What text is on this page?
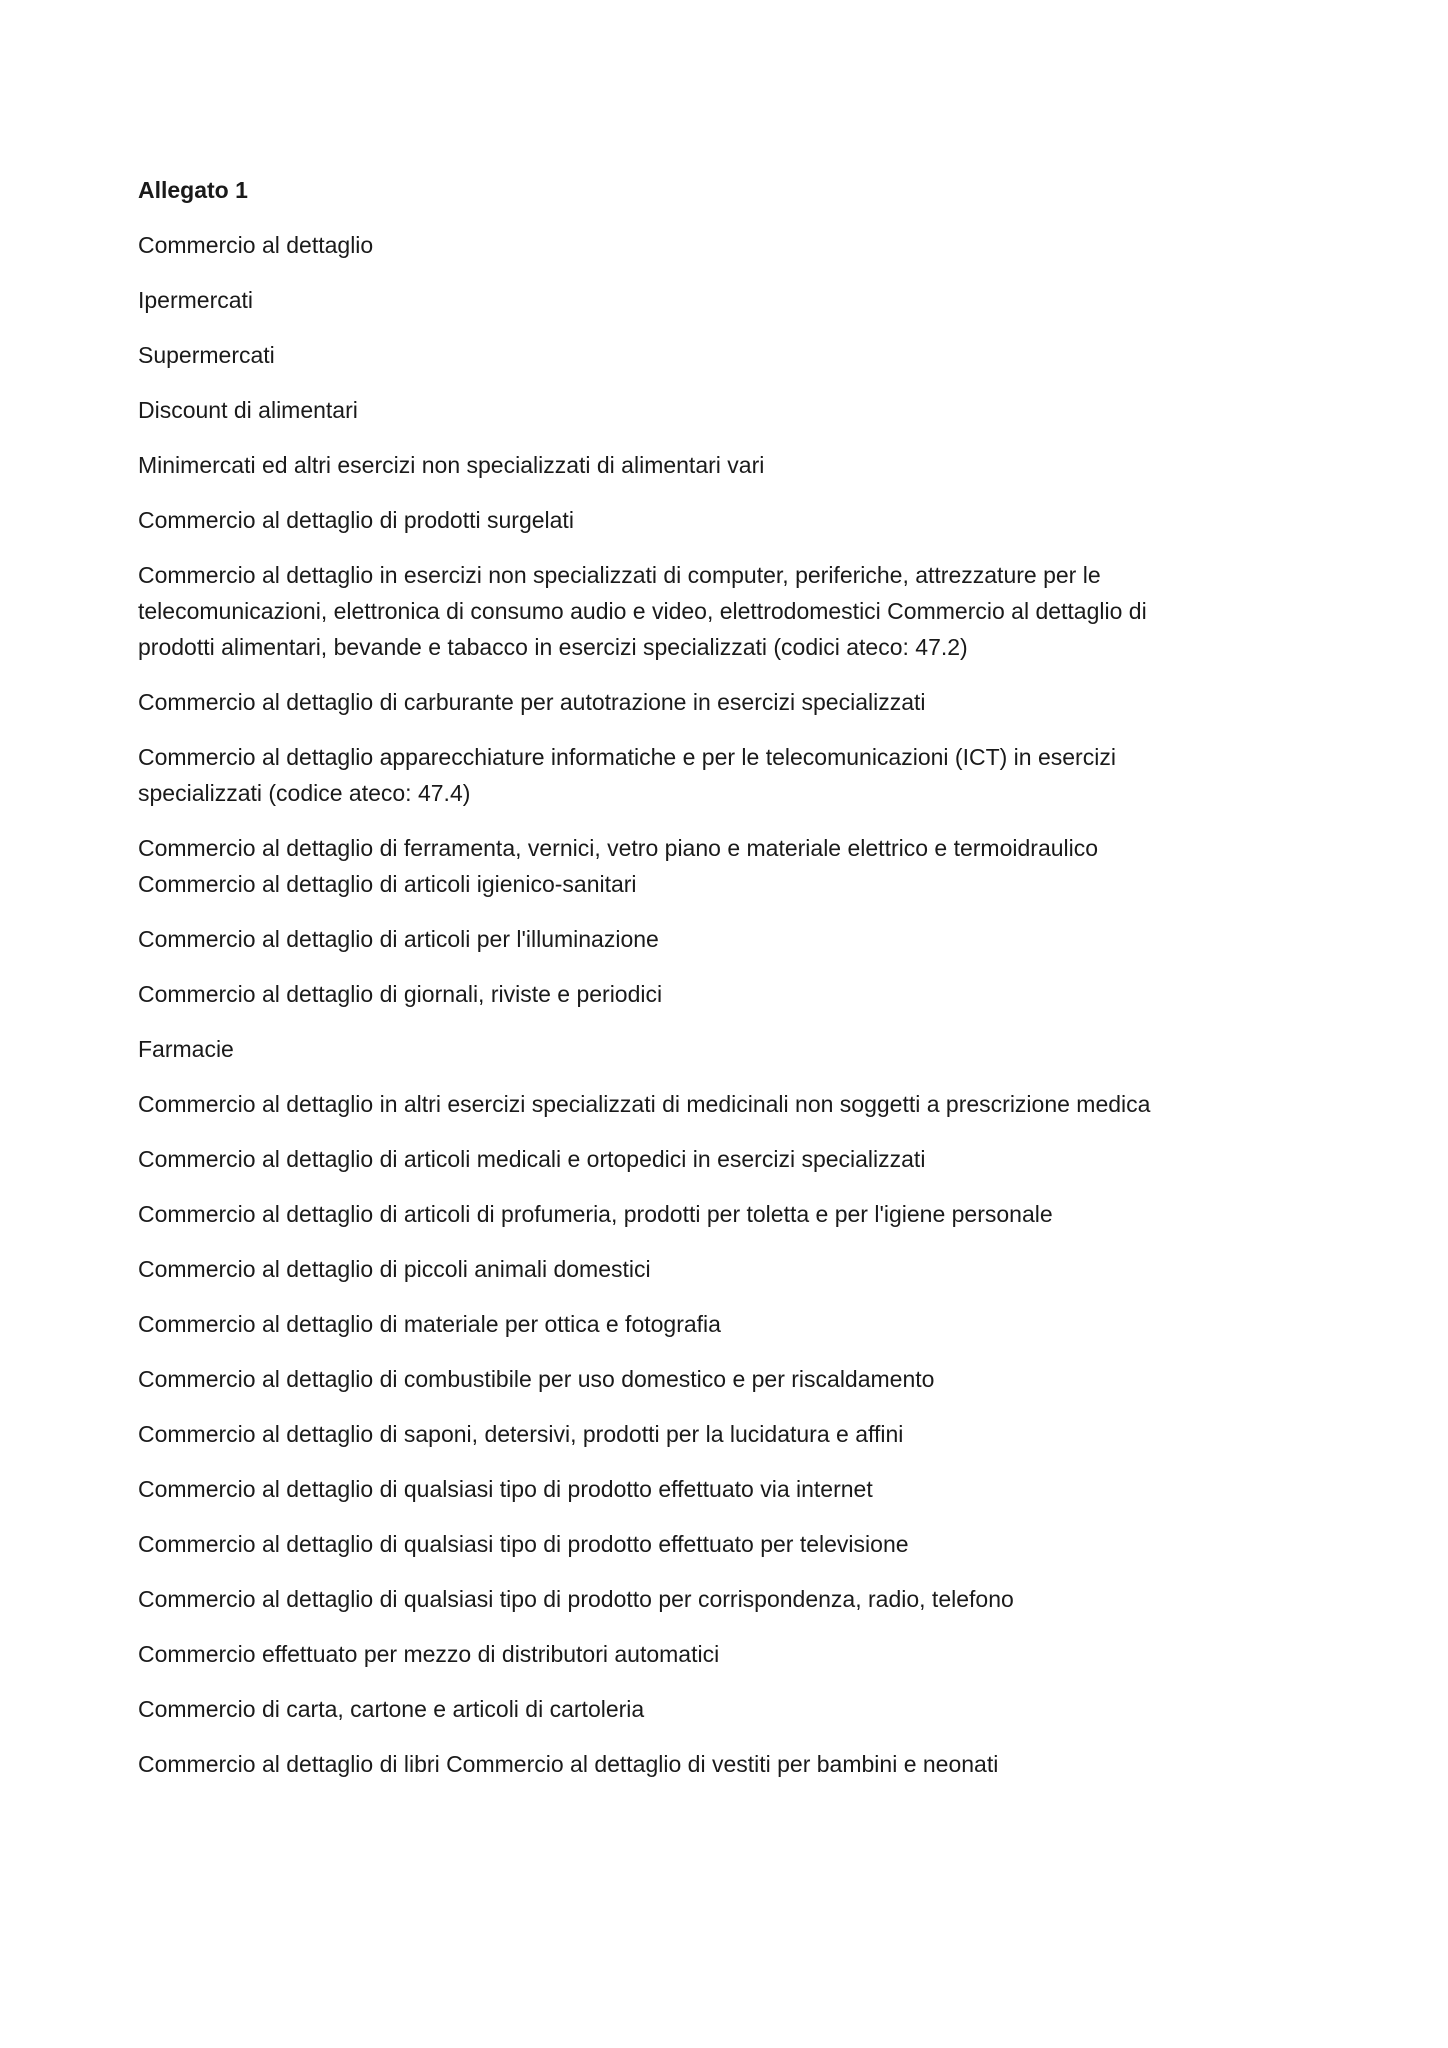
Allegato 1
Commercio al dettaglio
Ipermercati
Supermercati
Discount di alimentari
Minimercati ed altri esercizi non specializzati di alimentari vari
Commercio al dettaglio di prodotti surgelati
Commercio al dettaglio in esercizi non specializzati di computer, periferiche, attrezzature per le
telecomunicazioni, elettronica di consumo audio e video, elettrodomestici Commercio al dettaglio di
prodotti alimentari, bevande e tabacco in esercizi specializzati (codici ateco: 47.2)
Commercio al dettaglio di carburante per autotrazione in esercizi specializzati
Commercio al dettaglio apparecchiature informatiche e per le telecomunicazioni (ICT) in esercizi
specializzati (codice ateco: 47.4)
Commercio al dettaglio di ferramenta, vernici, vetro piano e materiale elettrico e termoidraulico
Commercio al dettaglio di articoli igienico-sanitari
Commercio al dettaglio di articoli per l'illuminazione
Commercio al dettaglio di giornali, riviste e periodici
Farmacie
Commercio al dettaglio in altri esercizi specializzati di medicinali non soggetti a prescrizione medica
Commercio al dettaglio di articoli medicali e ortopedici in esercizi specializzati
Commercio al dettaglio di articoli di profumeria, prodotti per toletta e per l'igiene personale
Commercio al dettaglio di piccoli animali domestici
Commercio al dettaglio di materiale per ottica e fotografia
Commercio al dettaglio di combustibile per uso domestico e per riscaldamento
Commercio al dettaglio di saponi, detersivi, prodotti per la lucidatura e affini
Commercio al dettaglio di qualsiasi tipo di prodotto effettuato via internet
Commercio al dettaglio di qualsiasi tipo di prodotto effettuato per televisione
Commercio al dettaglio di qualsiasi tipo di prodotto per corrispondenza, radio, telefono
Commercio effettuato per mezzo di distributori automatici
Commercio di carta, cartone e articoli di cartoleria
Commercio al dettaglio di libri Commercio al dettaglio di vestiti per bambini e neonati
